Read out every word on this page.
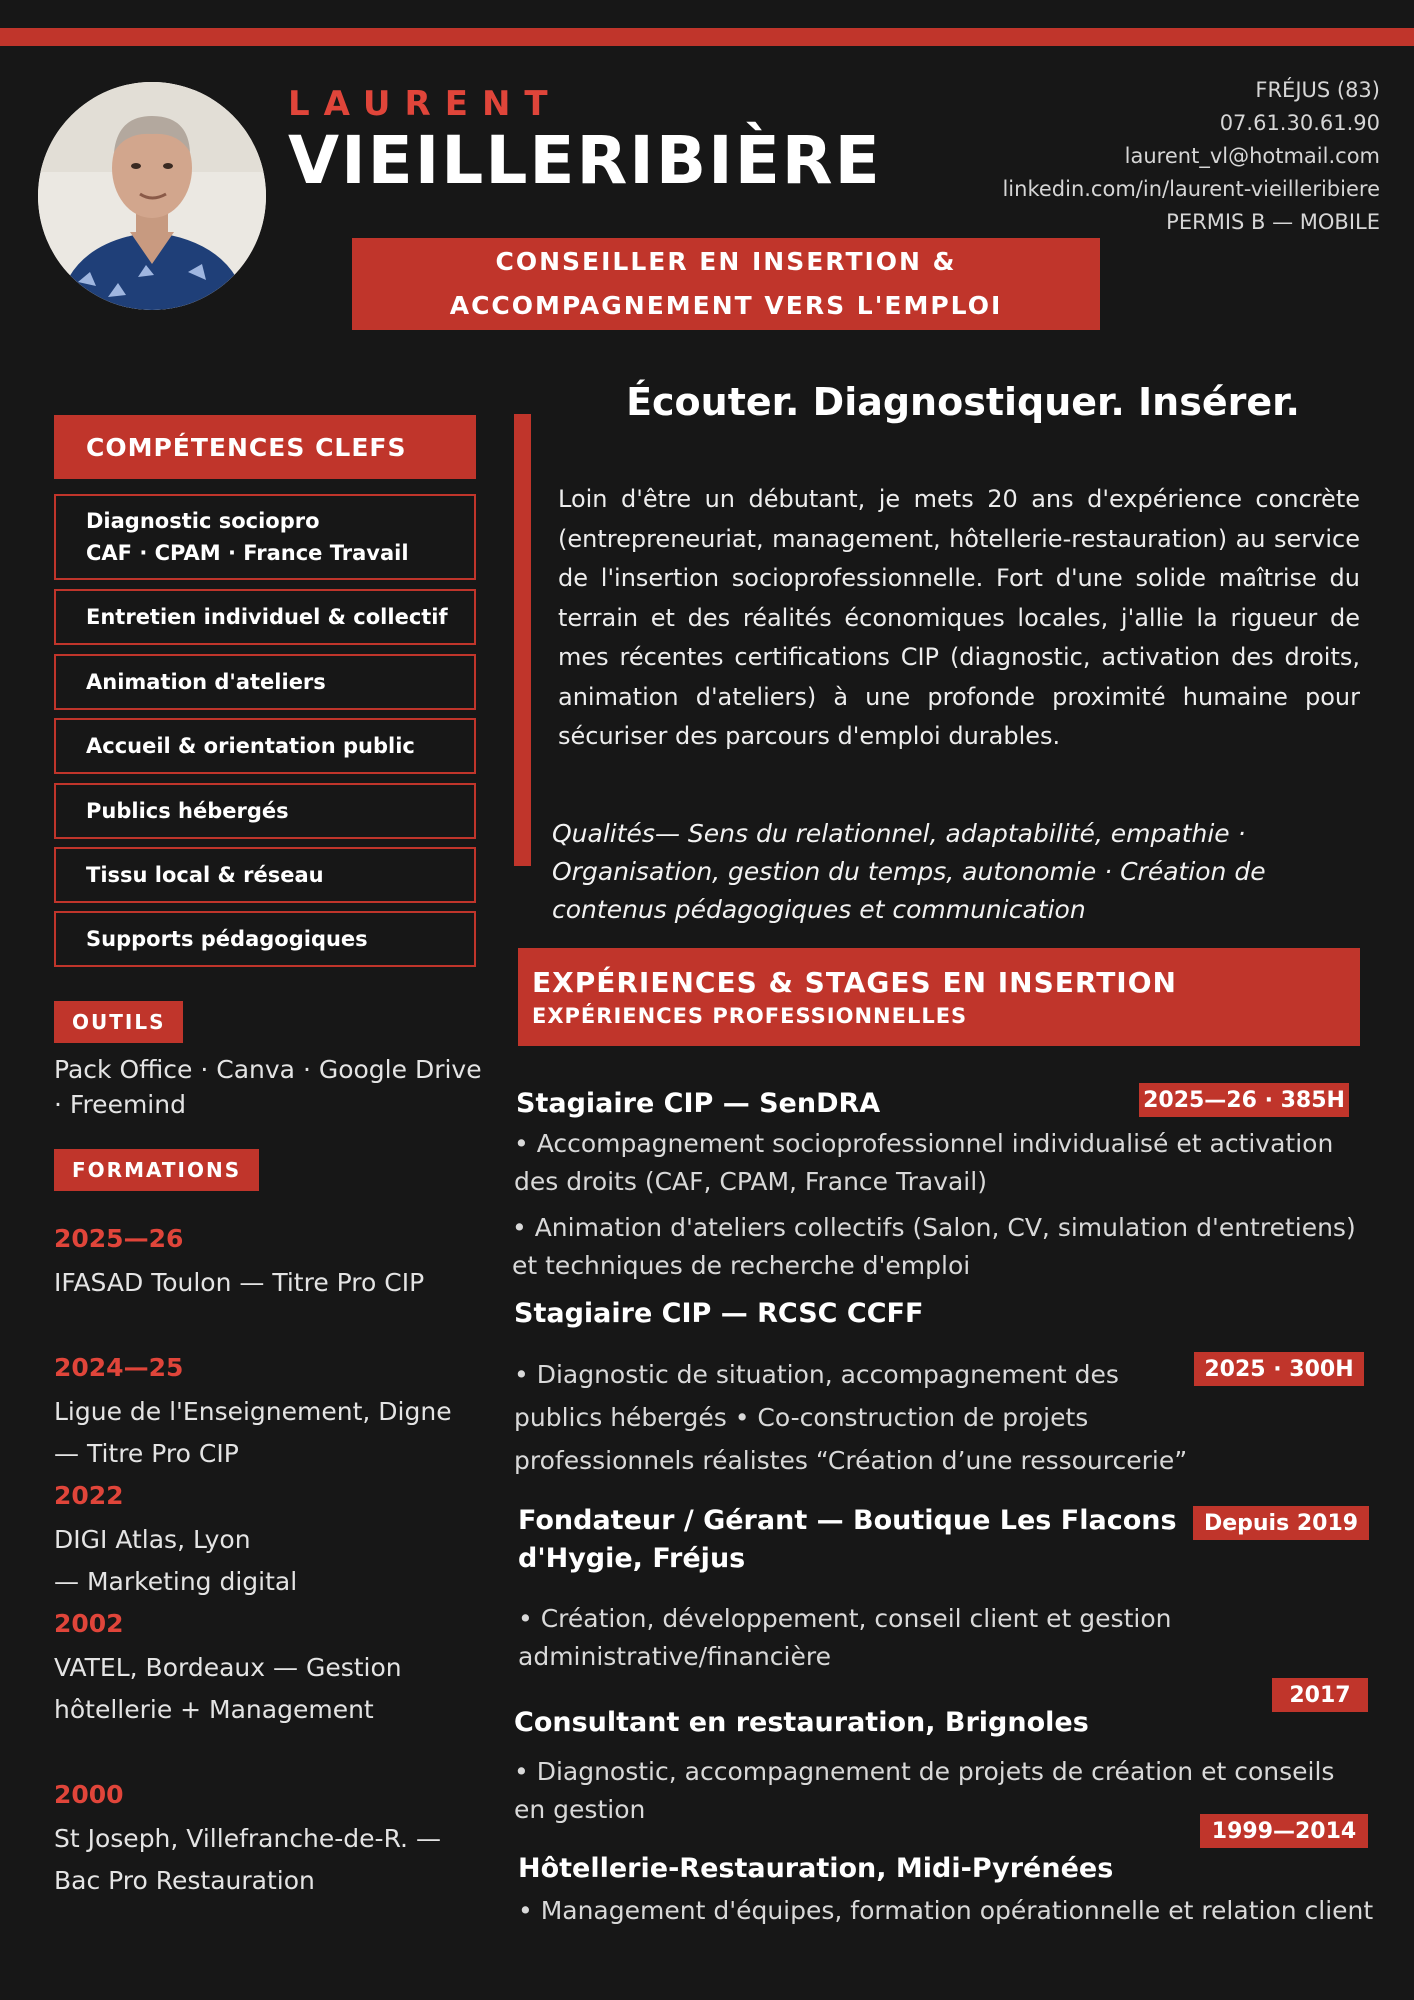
LAURENT
VIEILLERIBIÈRE
FRÉJUS (83)
07.61.30.61.90
laurent_vl@hotmail.com
linkedin.com/in/laurent-vieilleribiere
PERMIS B — MOBILE
CONSEILLER EN INSERTION &
ACCOMPAGNEMENT VERS L'EMPLOI
COMPÉTENCES CLEFS
Diagnostic sociopro
CAF · CPAM · France Travail
Entretien individuel & collectif
Animation d'ateliers
Accueil & orientation public
Publics hébergés
Tissu local & réseau
Supports pédagogiques
OUTILS
Pack Office · Canva · Google Drive · Freemind
FORMATIONS
2025—26
IFASAD Toulon — Titre Pro CIP
2024—25
Ligue de l'Enseignement, Digne — Titre Pro CIP
2022
DIGI Atlas, Lyon
— Marketing digital
2002
VATEL, Bordeaux — Gestion hôtellerie + Management
2000
St Joseph, Villefranche-de-R. — Bac Pro Restauration
Écouter. Diagnostiquer. Insérer.
Loin d'être un débutant, je mets 20 ans d'expérience concrète (entrepreneuriat, management, hôtellerie-restauration) au service de l'insertion socioprofessionnelle. Fort d'une solide maîtrise du terrain et des réalités économiques locales, j'allie la rigueur de mes récentes certifications CIP (diagnostic, activation des droits, animation d'ateliers) à une profonde proximité humaine pour sécuriser des parcours d'emploi durables.
Qualités— Sens du relationnel, adaptabilité, empathie · Organisation, gestion du temps, autonomie · Création de contenus pédagogiques et communication
EXPÉRIENCES & STAGES EN INSERTION
EXPÉRIENCES PROFESSIONNELLES
Stagiaire CIP — SenDRA	2025—26 · 385H
• Accompagnement socioprofessionnel individualisé et activation des droits (CAF, CPAM, France Travail)
• Animation d'ateliers collectifs (Salon, CV, simulation d'entretiens) et techniques de recherche d'emploi
Stagiaire CIP — RCSC CCFF
2025 · 300H
• Diagnostic de situation, accompagnement des publics hébergés • Co-construction de projets professionnels réalistes “Création d’une ressourcerie”
Fondateur / Gérant — Boutique Les Flacons d'Hygie, Fréjus
Depuis 2019
• Création, développement, conseil client et gestion administrative/financière
2017
Consultant en restauration, Brignoles
• Diagnostic, accompagnement de projets de création et conseils en gestion
1999—2014
Hôtellerie-Restauration, Midi-Pyrénées
• Management d'équipes, formation opérationnelle et relation client
